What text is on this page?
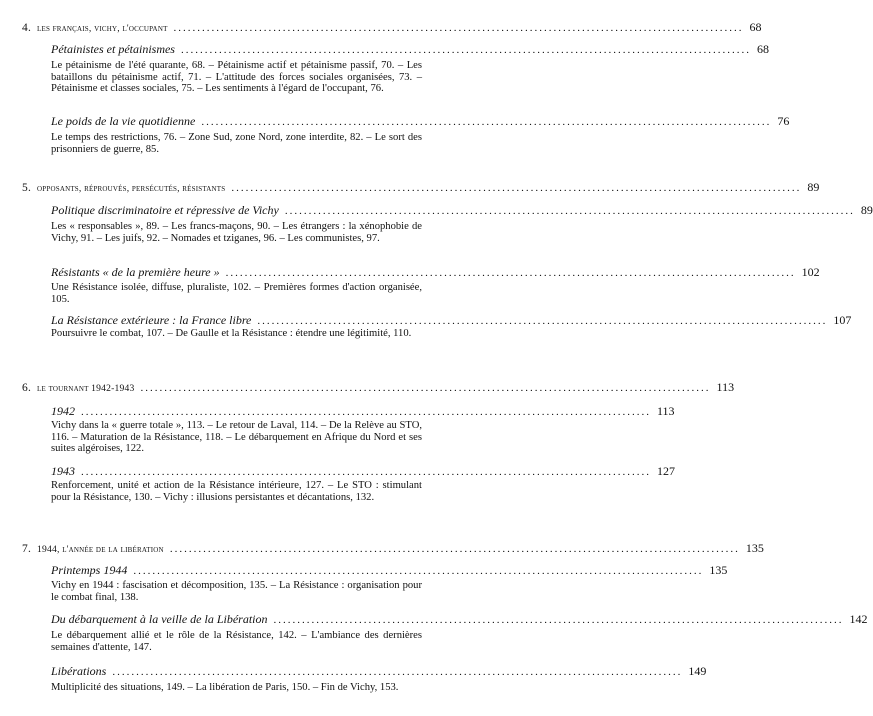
4. les français, vichy, l'occupant ........................................................................................................................ 68
Pétainistes et pétainismes ........................................................................................................................ 68
Le pétainisme de l'été quarante, 68. – Pétainisme actif et pétainisme passif, 70. – Les bataillons du pétainisme actif, 71. – L'attitude des forces sociales organisées, 73. – Pétainisme et classes sociales, 75. – Les sentiments à l'égard de l'occupant, 76.
Le poids de la vie quotidienne ........................................................................................................................ 76
Le temps des restrictions, 76. – Zone Sud, zone Nord, zone interdite, 82. – Le sort des prisonniers de guerre, 85.
5. opposants, réprouvés, persécutés, résistants ........................................................................................................................ 89
Politique discriminatoire et répressive de Vichy ........................................................................................................................ 89
Les « responsables », 89. – Les francs-maçons, 90. – Les étrangers : la xénophobie de Vichy, 91. – Les juifs, 92. – Nomades et tziganes, 96. – Les communistes, 97.
Résistants « de la première heure » ........................................................................................................................ 102
Une Résistance isolée, diffuse, pluraliste, 102. – Premières formes d'action organisée, 105.
La Résistance extérieure : la France libre ........................................................................................................................ 107
Poursuivre le combat, 107. – De Gaulle et la Résistance : étendre une légitimité, 110.
6. le tournant 1942-1943 ........................................................................................................................ 113
1942 ........................................................................................................................ 113
Vichy dans la « guerre totale », 113. – Le retour de Laval, 114. – De la Relève au STO, 116. – Maturation de la Résistance, 118. – Le débarquement en Afrique du Nord et ses suites algéroises, 122.
1943 ........................................................................................................................ 127
Renforcement, unité et action de la Résistance intérieure, 127. – Le STO : stimulant pour la Résistance, 130. – Vichy : illusions persistantes et décantations, 132.
7. 1944, l'année de la libération ........................................................................................................................ 135
Printemps 1944 ........................................................................................................................ 135
Vichy en 1944 : fascisation et décomposition, 135. – La Résistance : organisation pour le combat final, 138.
Du débarquement à la veille de la Libération ........................................................................................................................ 142
Le débarquement allié et le rôle de la Résistance, 142. – L'ambiance des dernières semaines d'attente, 147.
Libérations ........................................................................................................................ 149
Multiplicité des situations, 149. – La libération de Paris, 150. – Fin de Vichy, 153.
